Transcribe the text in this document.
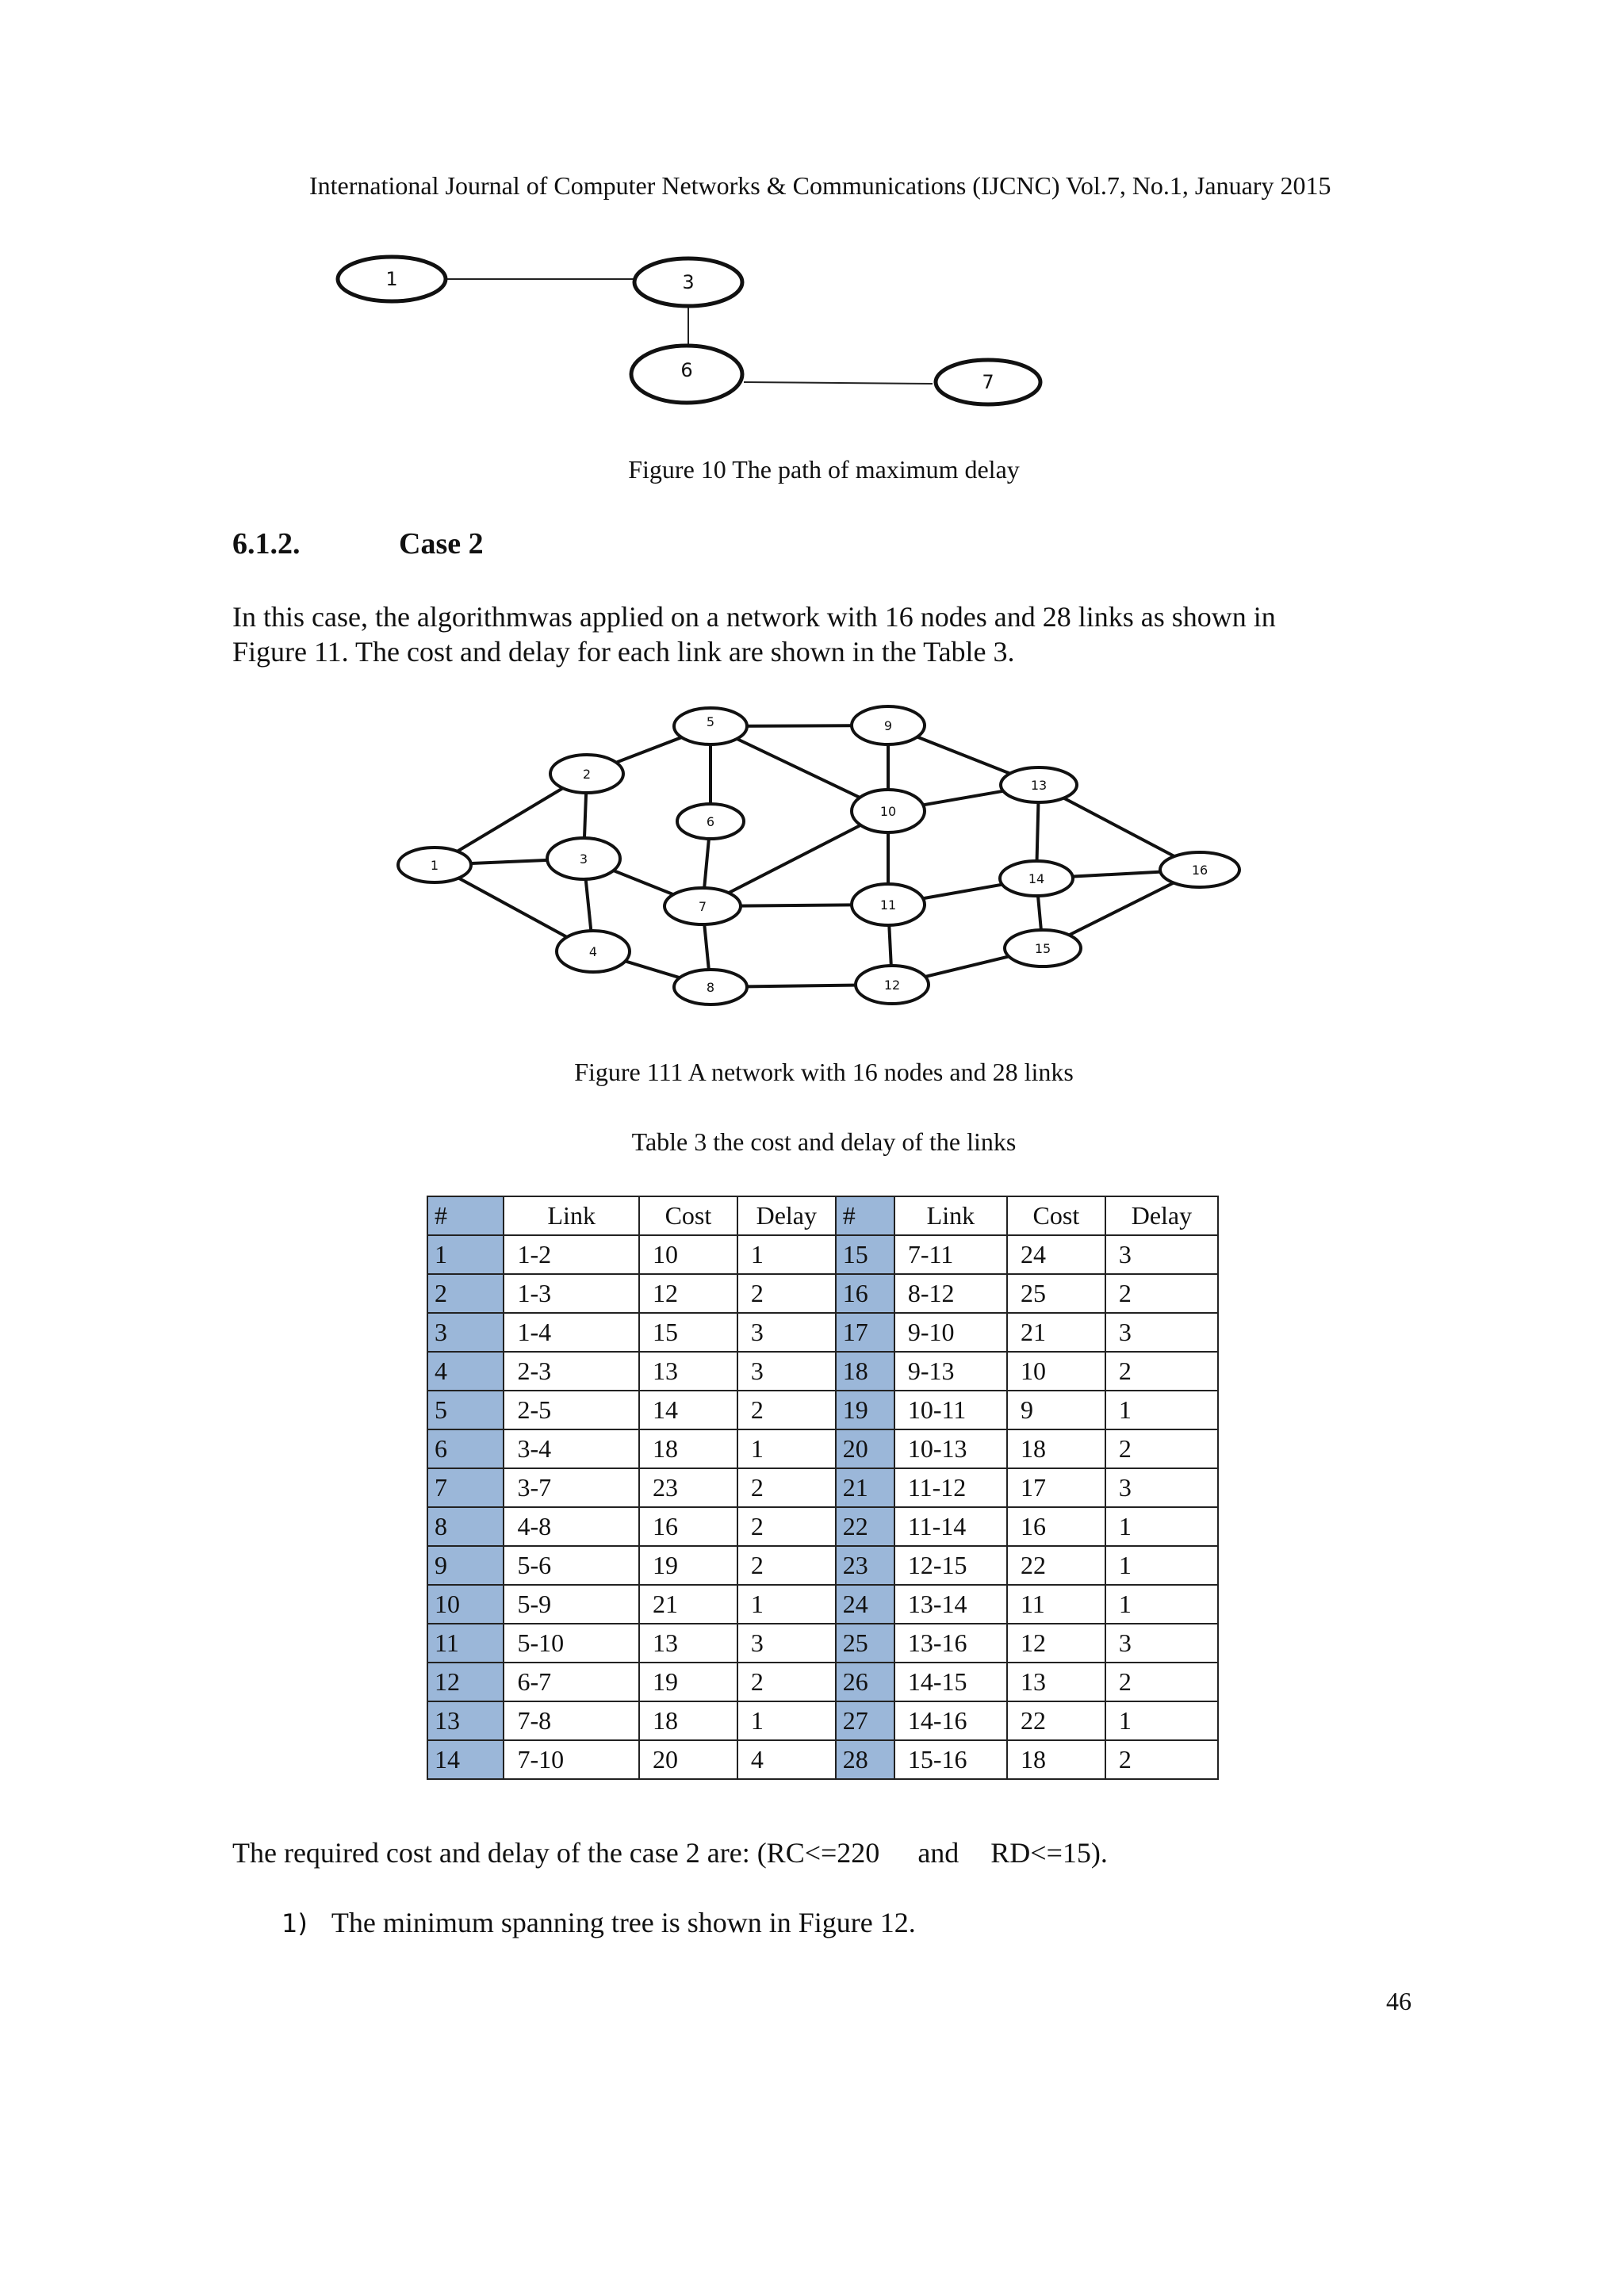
International Journal of Computer Networks & Communications (IJCNC) Vol.7, No.1, January 2015
1	3
6
7
Figure 10 The path of maximum delay
6.1.2.	Case 2
In this case, the algorithmwas applied on a network with 16 nodes and 28 links as shown in
Figure 11. The cost and delay for each link are shown in the Table 3.
1
2
3
4
5
6
7
8
9
10
11
12
13
14
15
16
Figure 111 A network with 16 nodes and 28 links
Table 3 the cost and delay of the links
#	Link	Cost	Delay	#	Link	Cost	Delay
1	1-2	10	1	15	7-11	24	3
2	1-3	12	2	16	8-12	25	2
3	1-4	15	3	17	9-10	21	3
4	2-3	13	3	18	9-13	10	2
5	2-5	14	2	19	10-11	9	1
6	3-4	18	1	20	10-13	18	2
7	3-7	23	2	21	11-12	17	3
8	4-8	16	2	22	11-14	16	1
9	5-6	19	2	23	12-15	22	1
10	5-9	21	1	24	13-14	11	1
11	5-10	13	3	25	13-16	12	3
12	6-7	19	2	26	14-15	13	2
13	7-8	18	1	27	14-16	22	1
14	7-10	20	4	28	15-16	18	2
The required cost and delay of the case 2 are: (RC<=220 and RD<=15).
1) The minimum spanning tree is shown in Figure 12.
46
